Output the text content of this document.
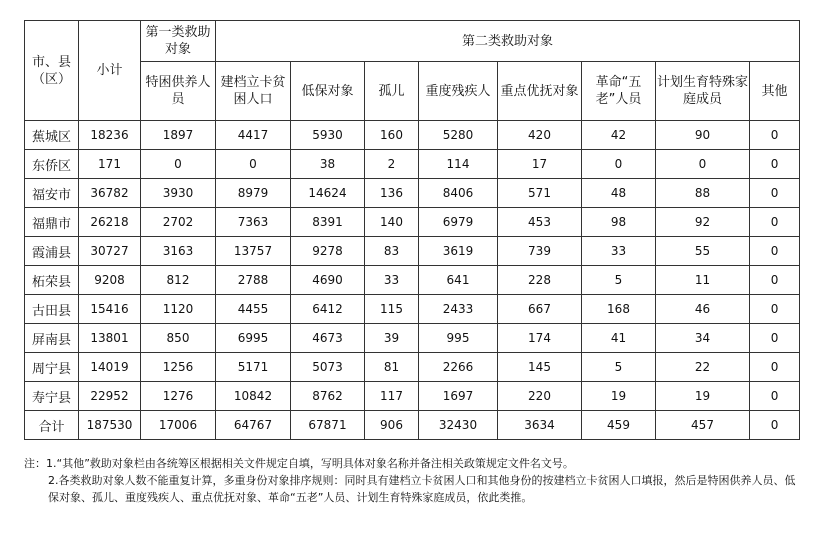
市、县（区）	小计	第一类救助对象	第二类救助对象							
		特困供养人员	建档立卡贫困人口	低保对象	孤儿	重度残疾人	重点优抚对象	革命“五老”人员	计划生育特殊家庭成员	其他
蕉城区	18236	1897	4417	5930	160	5280	420	42	90	0
东侨区	171	0	0	38	2	114	17	0	0	0
福安市	36782	3930	8979	14624	136	8406	571	48	88	0
福鼎市	26218	2702	7363	8391	140	6979	453	98	92	0
霞浦县	30727	3163	13757	9278	83	3619	739	33	55	0
柘荣县	9208	812	2788	4690	33	641	228	5	11	0
古田县	15416	1120	4455	6412	115	2433	667	168	46	0
屏南县	13801	850	6995	4673	39	995	174	41	34	0
周宁县	14019	1256	5171	5073	81	2266	145	5	22	0
寿宁县	22952	1276	10842	8762	117	1697	220	19	19	0
合计	187530	17006	64767	67871	906	32430	3634	459	457	0

注：1.“其他”救助对象栏由各统筹区根据相关文件规定自填，写明具体对象名称并备注相关政策规定文件名文号。

2.各类救助对象人数不能重复计算，多重身份对象排序规则：同时具有建档立卡贫困人口和其他身份的按建档立卡贫困人口填报，然后是特困供养人员、低保对象、孤儿、重度残疾人、重点优抚对象、革命“五老”人员、计划生育特殊家庭成员，依此类推。
